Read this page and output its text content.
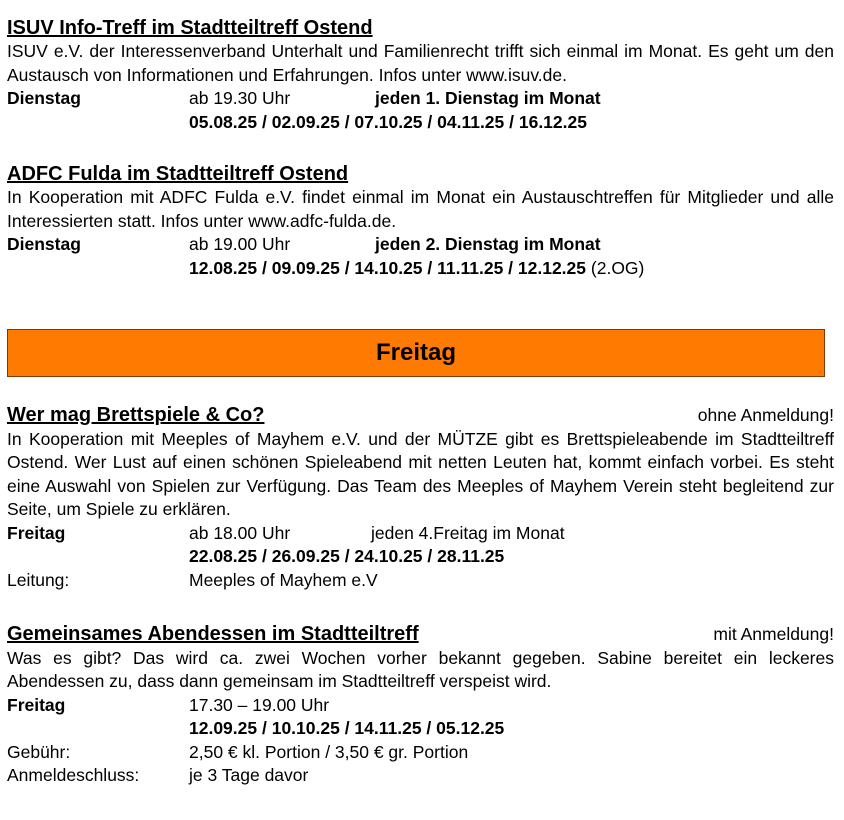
ISUV Info-Treff im Stadtteiltreff Ostend
ISUV e.V. der Interessenverband Unterhalt und Familienrecht trifft sich einmal im Monat. Es geht um den Austausch von Informationen und Erfahrungen. Infos unter www.isuv.de.
Dienstag	ab 19.30 Uhr	jeden 1. Dienstag im Monat
05.08.25 / 02.09.25 / 07.10.25 / 04.11.25 / 16.12.25
ADFC Fulda im Stadtteiltreff Ostend
In Kooperation mit ADFC Fulda e.V. findet einmal im Monat ein Austauschtreffen für Mitglieder und alle Interessierten statt. Infos unter www.adfc-fulda.de.
Dienstag	ab 19.00 Uhr	jeden 2. Dienstag im Monat
12.08.25 / 09.09.25 / 14.10.25 / 11.11.25 / 12.12.25 (2.OG)
Freitag
Wer mag Brettspiele & Co?	ohne Anmeldung!
In Kooperation mit Meeples of Mayhem e.V. und der MÜTZE gibt es Brettspieleabende im Stadtteiltreff Ostend. Wer Lust auf einen schönen Spieleabend mit netten Leuten hat, kommt einfach vorbei. Es steht eine Auswahl von Spielen zur Verfügung. Das Team des Meeples of Mayhem Verein steht begleitend zur Seite, um Spiele zu erklären.
Freitag	ab 18.00 Uhr	jeden 4.Freitag im Monat
22.08.25 / 26.09.25 / 24.10.25 / 28.11.25
Leitung:	Meeples of Mayhem e.V
Gemeinsames Abendessen im Stadtteiltreff	mit Anmeldung!
Was es gibt? Das wird ca. zwei Wochen vorher bekannt gegeben. Sabine bereitet ein leckeres Abendessen zu, dass dann gemeinsam im Stadtteiltreff verspeist wird.
Freitag	17.30 – 19.00 Uhr
12.09.25 / 10.10.25 / 14.11.25 / 05.12.25
Gebühr:	2,50 € kl. Portion / 3,50 € gr. Portion
Anmeldeschluss:	je 3 Tage davor
